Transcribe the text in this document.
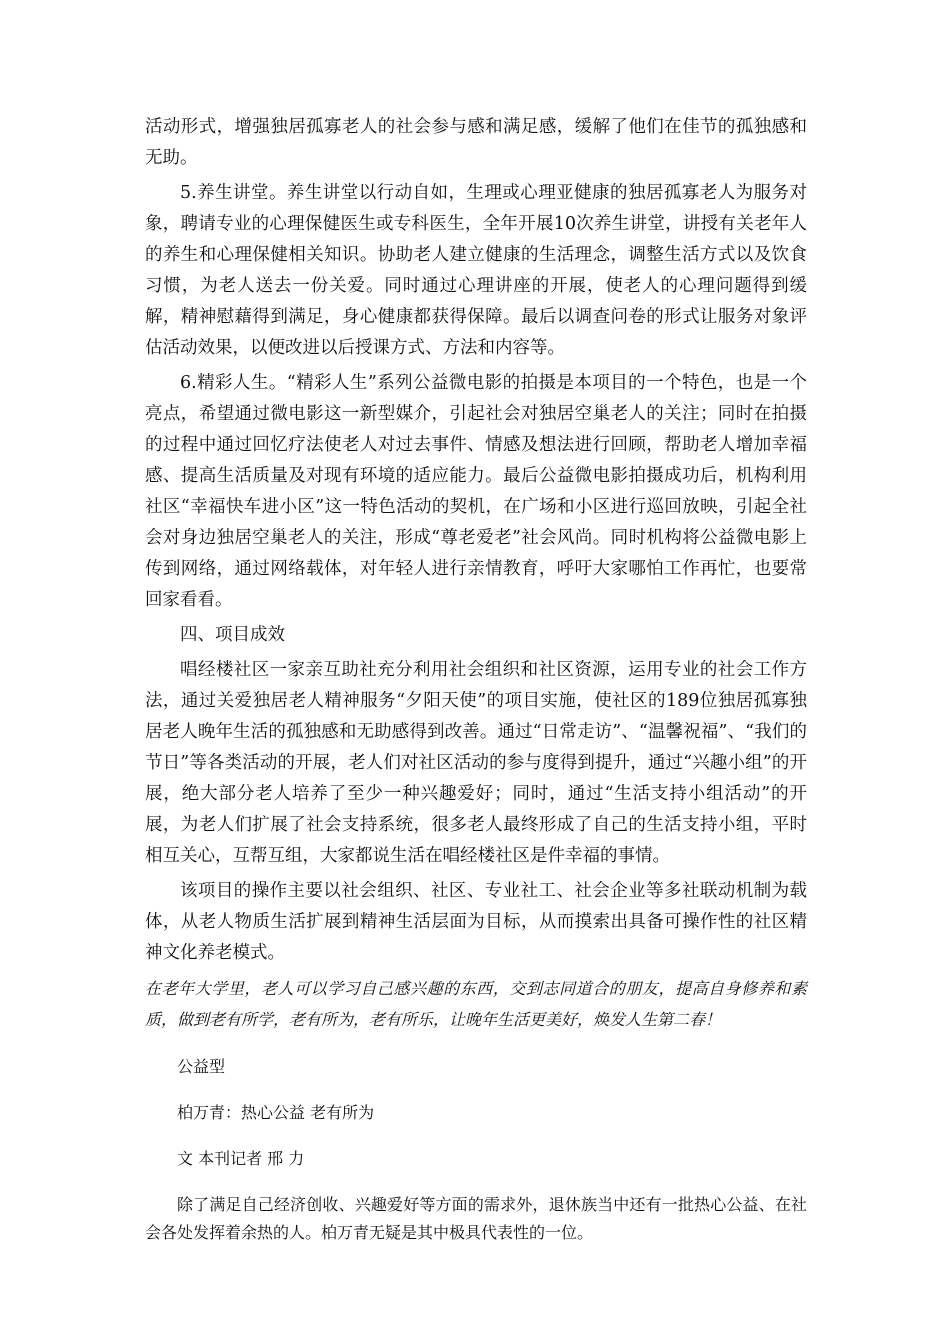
活动形式，增强独居孤寡老人的社会参与感和满足感，缓解了他们在佳节的孤独感和无助。

5.养生讲堂。养生讲堂以行动自如，生理或心理亚健康的独居孤寡老人为服务对象，聘请专业的心理保健医生或专科医生，全年开展10次养生讲堂，讲授有关老年人的养生和心理保健相关知识。协助老人建立健康的生活理念，调整生活方式以及饮食习惯，为老人送去一份关爱。同时通过心理讲座的开展，使老人的心理问题得到缓解，精神慰藉得到满足，身心健康都获得保障。最后以调查问卷的形式让服务对象评估活动效果，以便改进以后授课方式、方法和内容等。

6.精彩人生。“精彩人生”系列公益微电影的拍摄是本项目的一个特色，也是一个亮点，希望通过微电影这一新型媒介，引起社会对独居空巢老人的关注；同时在拍摄的过程中通过回忆疗法使老人对过去事件、情感及想法进行回顾，帮助老人增加幸福感、提高生活质量及对现有环境的适应能力。最后公益微电影拍摄成功后，机构利用社区“幸福快车进小区”这一特色活动的契机，在广场和小区进行巡回放映，引起全社会对身边独居空巢老人的关注，形成“尊老爱老”社会风尚。同时机构将公益微电影上传到网络，通过网络载体，对年轻人进行亲情教育，呼吁大家哪怕工作再忙，也要常回家看看。

四、项目成效

唱经楼社区一家亲互助社充分利用社会组织和社区资源，运用专业的社会工作方法，通过关爱独居老人精神服务“夕阳天使”的项目实施，使社区的189位独居孤寡独居老人晚年生活的孤独感和无助感得到改善。通过“日常走访”、“温馨祝福”、“我们的节日”等各类活动的开展，老人们对社区活动的参与度得到提升，通过“兴趣小组”的开展，绝大部分老人培养了至少一种兴趣爱好；同时，通过“生活支持小组活动”的开展，为老人们扩展了社会支持系统，很多老人最终形成了自己的生活支持小组，平时相互关心，互帮互组，大家都说生活在唱经楼社区是件幸福的事情。

该项目的操作主要以社会组织、社区、专业社工、社会企业等多社联动机制为载体，从老人物质生活扩展到精神生活层面为目标，从而摸索出具备可操作性的社区精神文化养老模式。

在老年大学里，老人可以学习自己感兴趣的东西，交到志同道合的朋友，提高自身修养和素质，做到老有所学，老有所为，老有所乐，让晚年生活更美好，焕发人生第二春！

公益型

柏万青：热心公益 老有所为

文 本刊记者 邢 力

除了满足自己经济创收、兴趣爱好等方面的需求外，退休族当中还有一批热心公益、在社会各处发挥着余热的人。柏万青无疑是其中极具代表性的一位。
